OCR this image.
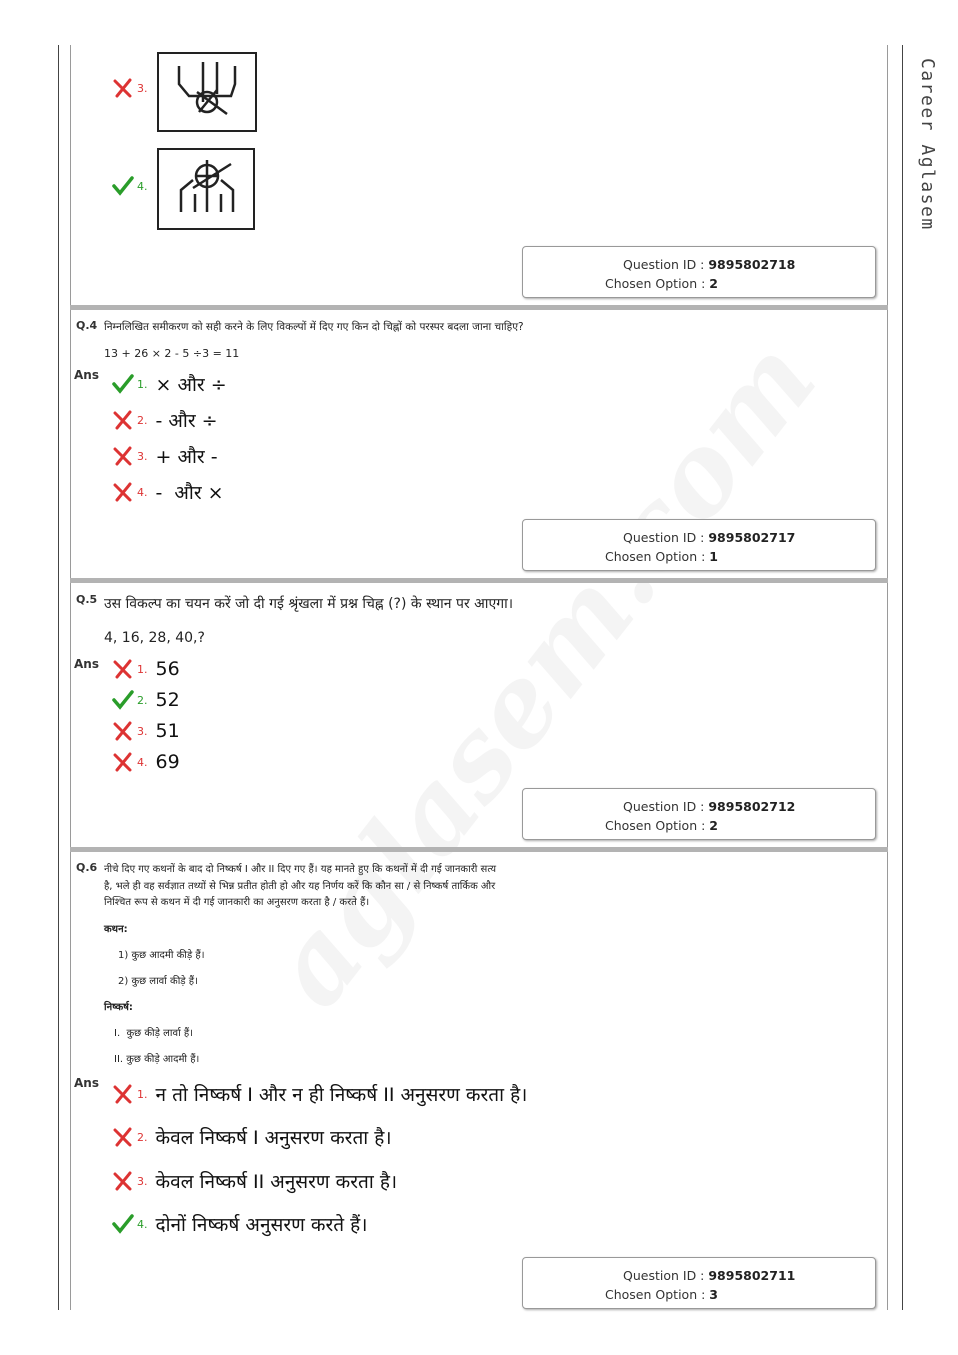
Career Aglasem
3.
4.
Question ID : 9895802718
Chosen Option : 2
Q.4 निम्नलिखित समीकरण को सही करने के लिए विकल्पों में दिए गए किन दो चिह्नों को परस्पर बदला जाना चाहिए?
13 + 26 × 2 - 5 ÷3 = 11
Ans
1. × और ÷
2. - और ÷
3. + और -
4. -  और ×
Question ID : 9895802717
Chosen Option : 1
Q.5 उस विकल्प का चयन करें जो दी गई श्रृंखला में प्रश्न चिह्न (?) के स्थान पर आएगा।
4, 16, 28, 40,?
Ans	1. 56
2. 52
3. 51
4. 69
Question ID : 9895802712
Chosen Option : 2
Q.6 नीचे दिए गए कथनों के बाद दो निष्कर्ष I और II दिए गए हैं। यह मानते हुए कि कथनों में दी गई जानकारी सत्य
है, भले ही वह सर्वज्ञात तथ्यों से भिन्न प्रतीत होती हो और यह निर्णय करें कि कौन सा / से निष्कर्ष तार्किक और
निश्चित रूप से कथन में दी गई जानकारी का अनुसरण करता है / करते हैं।
कथन:
1) कुछ आदमी कीड़े हैं।
2) कुछ लार्वा कीड़े हैं।
निष्कर्ष:
I.  कुछ कीड़े लार्वा हैं।
II. कुछ कीड़े आदमी हैं।
Ans
1. न तो निष्कर्ष I और न ही निष्कर्ष II अनुसरण करता है।
2. केवल निष्कर्ष I अनुसरण करता है।
3. केवल निष्कर्ष II अनुसरण करता है।
4. दोनों निष्कर्ष अनुसरण करते हैं।
Question ID : 9895802711
Chosen Option : 3
